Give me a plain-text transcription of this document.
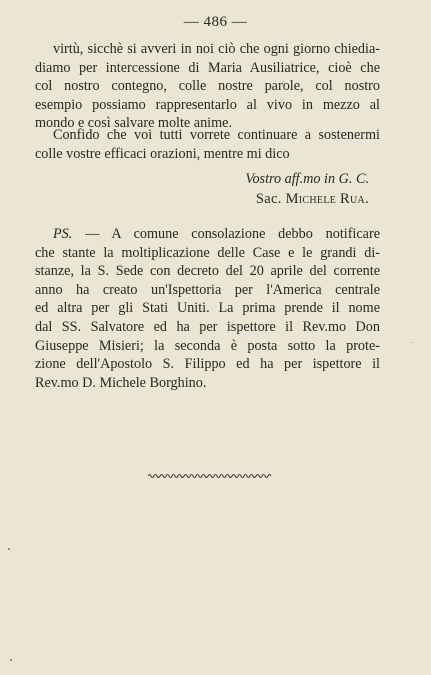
— 486 —
virtù, sicchè si avveri in noi ciò che ogni giorno chiedia-
diamo per intercessione di Maria Ausiliatrice, cioè che
col nostro contegno, colle nostre parole, col nostro
esempio possiamo rappresentarlo al vivo in mezzo al
mondo e così salvare molte anime.
Confido che voi tutti vorrete continuare a sostenermi
colle vostre efficaci orazioni, mentre mi dico
Vostro aff.mo in G. C.
Sac. Michele Rua.
PS. — A comune consolazione debbo notificare
che stante la moltiplicazione delle Case e le grandi di-
stanze, la S. Sede con decreto del 20 aprile del corrente
anno ha creato un'Ispettoria per l'America centrale
ed altra per gli Stati Uniti. La prima prende il nome
dal SS. Salvatore ed ha per ispettore il Rev.mo Don
Giuseppe Misieri; la seconda è posta sotto la prote-
zione dell'Apostolo S. Filippo ed ha per ispettore il
Rev.mo D. Michele Borghino.
